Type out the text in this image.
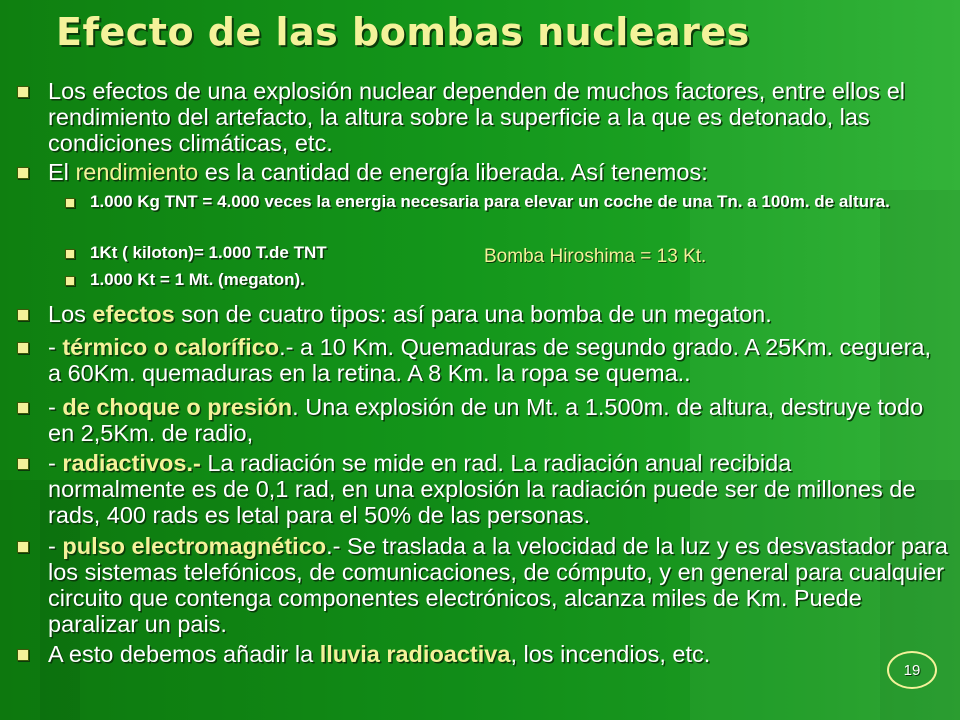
Efecto de las bombas nucleares
Los efectos de una explosión nuclear dependen de muchos factores, entre ellos el rendimiento del artefacto, la altura sobre la superficie a la que es detonado, las condiciones climáticas, etc.
El rendimiento es la cantidad de energía liberada. Así tenemos:
1.000 Kg TNT = 4.000 veces la energia necesaria para elevar un coche de una Tn. a 100m. de altura.
1Kt ( kiloton)= 1.000 T.de TNT
1.000 Kt = 1 Mt. (megaton).
Los efectos son de cuatro tipos: así para una bomba de un megaton.
- térmico o calorífico.- a 10 Km. Quemaduras de segundo grado. A 25Km. ceguera, a 60Km. quemaduras en la retina. A 8 Km. la ropa se quema..
- de choque o presión. Una explosión de un Mt. a 1.500m. de altura, destruye todo en 2,5Km. de radio,
- radiactivos.- La radiación se mide en rad. La radiación anual recibida normalmente es de 0,1 rad, en una explosión la radiación puede ser de millones de rads, 400 rads es letal para el 50% de las personas.
- pulso electromagnético.- Se traslada a la velocidad de la luz y es desvastador para los sistemas telefónicos, de comunicaciones, de cómputo, y en general para cualquier circuito que contenga componentes electrónicos, alcanza miles de Km. Puede paralizar un pais.
A esto debemos añadir la lluvia radioactiva, los incendios, etc.
Bomba Hiroshima = 13 Kt.
19
